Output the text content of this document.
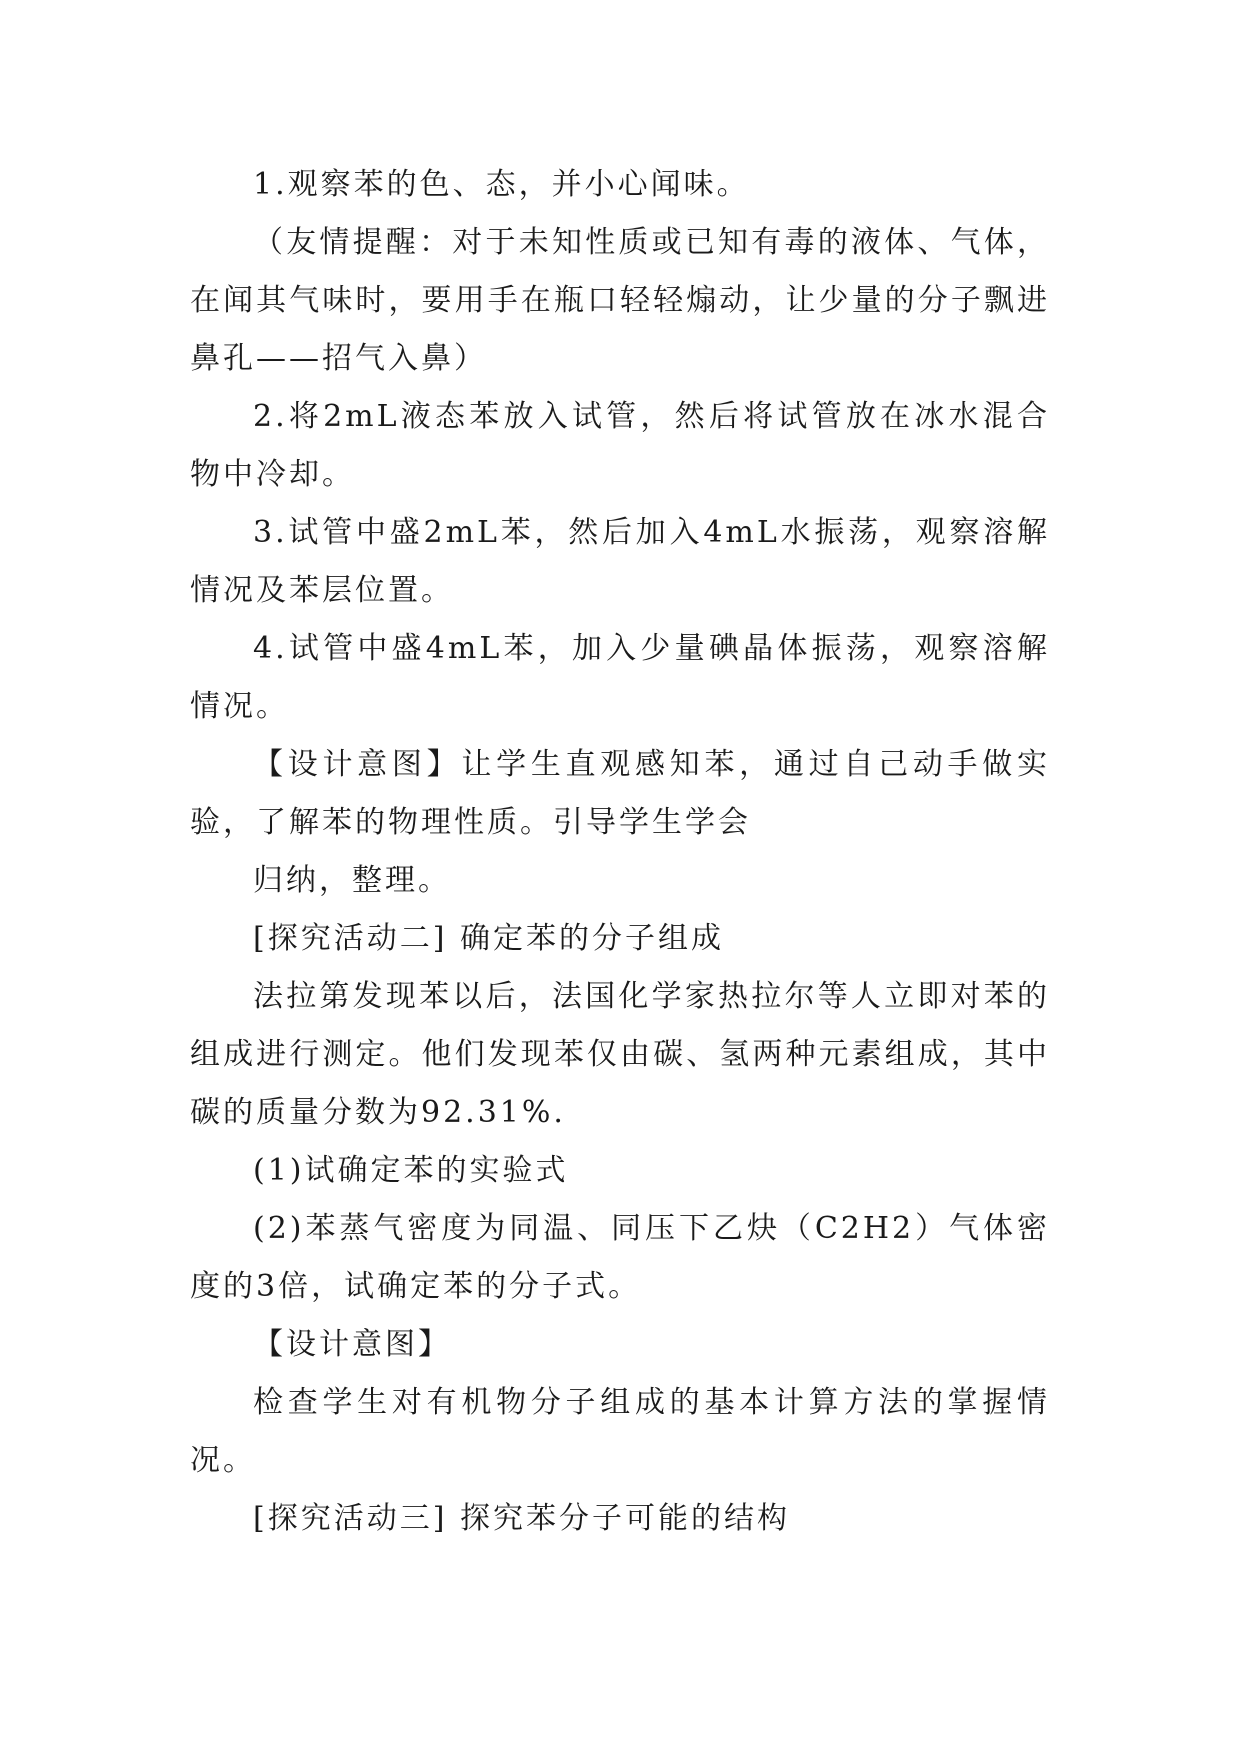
1.观察苯的色、态，并小心闻味。

（友情提醒：对于未知性质或已知有毒的液体、气体，在闻其气味时，要用手在瓶口轻轻煽动，让少量的分子飘进鼻孔——招气入鼻）

2.将2mL液态苯放入试管，然后将试管放在冰水混合物中冷却。

3.试管中盛2mL苯，然后加入4mL水振荡，观察溶解情况及苯层位置。

4.试管中盛4mL苯，加入少量碘晶体振荡，观察溶解情况。

【设计意图】让学生直观感知苯，通过自己动手做实验，了解苯的物理性质。引导学生学会

归纳，整理。

[探究活动二] 确定苯的分子组成

法拉第发现苯以后，法国化学家热拉尔等人立即对苯的组成进行测定。他们发现苯仅由碳、氢两种元素组成，其中碳的质量分数为92.31%.

(1)试确定苯的实验式

(2)苯蒸气密度为同温、同压下乙炔（C2H2）气体密度的3倍，试确定苯的分子式。

【设计意图】

检查学生对有机物分子组成的基本计算方法的掌握情况。

[探究活动三] 探究苯分子可能的结构
